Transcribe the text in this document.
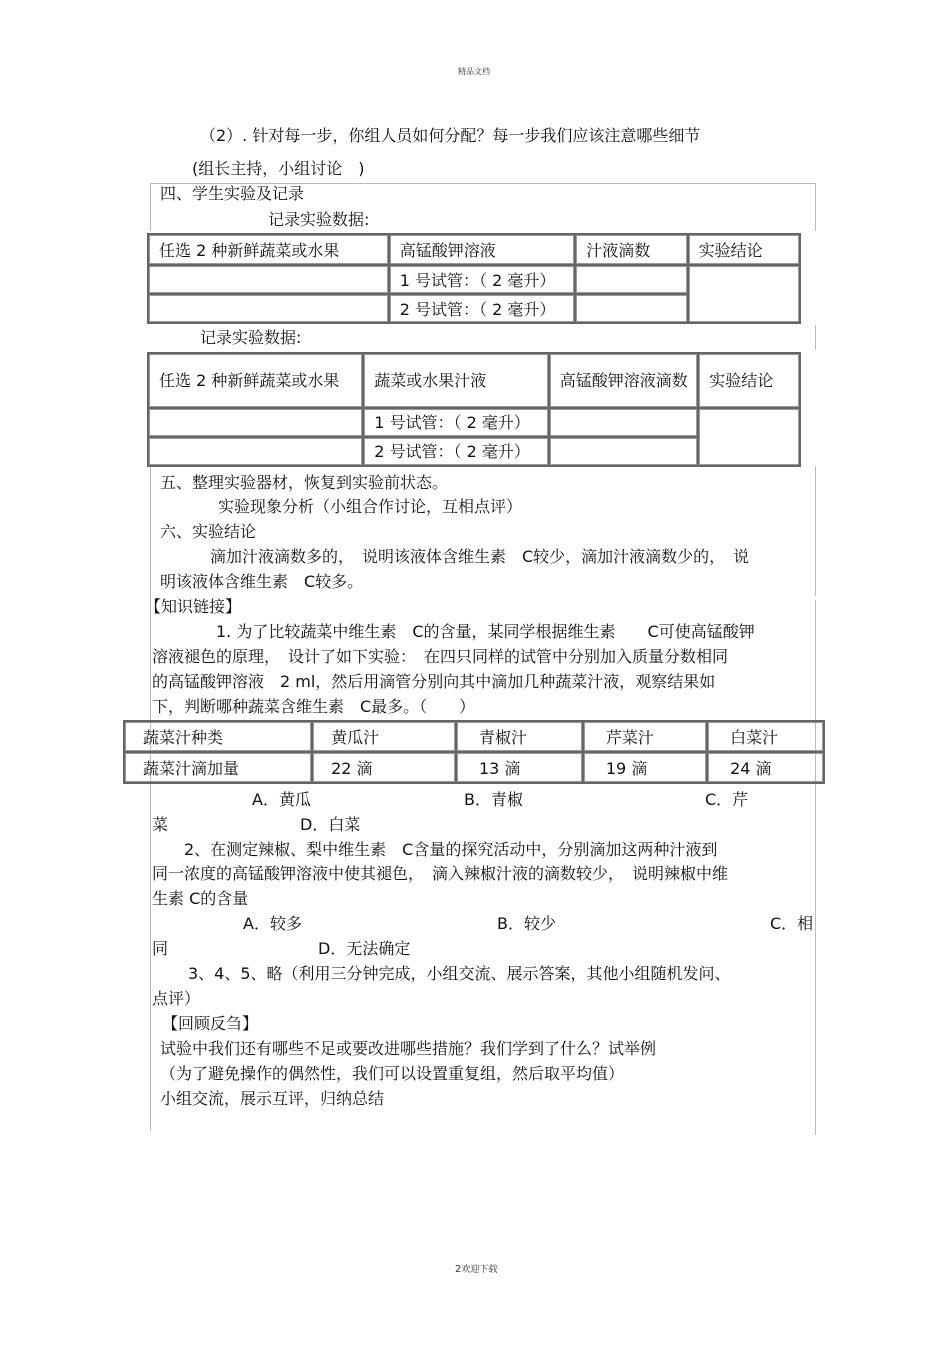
精品文档
（2）. 针对每一步，你组人员如何分配？每一步我们应该注意哪些细节
(组长主持，小组讨论　)
四、学生实验及记录
记录实验数据:
任选 2 种新鲜蔬菜或水果	高锰酸钾溶液	汁液滴数	实验结论
	1 号试管：（ 2 毫升）		
	2 号试管：（ 2 毫升）		
记录实验数据:
任选 2 种新鲜蔬菜或水果	蔬菜或水果汁液	高锰酸钾溶液滴数	实验结论
	1 号试管：（ 2 毫升）		
	2 号试管：（ 2 毫升）		
五、整理实验器材，恢复到实验前状态。
实验现象分析（小组合作讨论，互相点评）
六、实验结论
滴加汁液滴数多的，　说明该液体含维生素　C较少，滴加汁液滴数少的，　说
明该液体含维生素　C较多。
【知识链接】
1. 为了比较蔬菜中维生素　C的含量，某同学根据维生素　　C可使高锰酸钾
溶液褪色的原理，　设计了如下实验：　在四只同样的试管中分别加入质量分数相同
的高锰酸钾溶液　2 ml，然后用滴管分别向其中滴加几种蔬菜汁液，观察结果如
下，判断哪种蔬菜含维生素　C最多。（　　）
蔬菜汁种类	黄瓜汁	青椒汁	芹菜汁	白菜汁
蔬菜汁滴加量	22 滴	13 滴	19 滴	24 滴
A．黄瓜	B．青椒	C．芹
菜	D．白菜
2、在测定辣椒、梨中维生素　C含量的探究活动中，分别滴加这两种汁液到
同一浓度的高锰酸钾溶液中使其褪色，　滴入辣椒汁液的滴数较少，　说明辣椒中维
生素 C的含量
A．较多	B．较少	C．相
同	D．无法确定
3、4、5、略（利用三分钟完成，小组交流、展示答案，其他小组随机发问、
点评）
【回顾反刍】
试验中我们还有哪些不足或要改进哪些措施？我们学到了什么？试举例
（为了避免操作的偶然性，我们可以设置重复组，然后取平均值）
小组交流，展示互评，归纳总结
2欢迎下载
